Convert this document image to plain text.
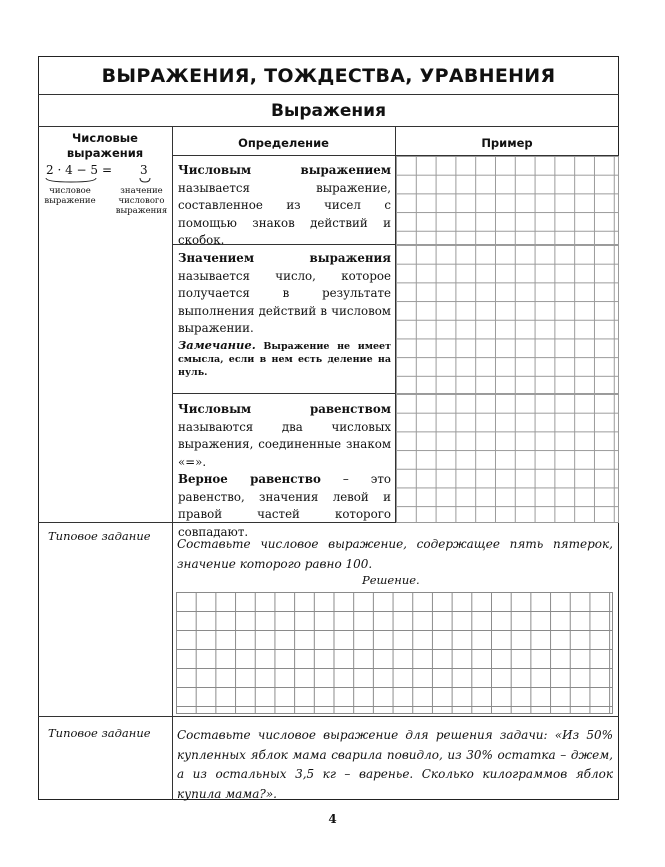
ВЫРАЖЕНИЯ, ТОЖДЕСТВА, УРАВНЕНИЯ
Выражения
Числовые выражения
2 · 4 − 5 = 3
числовое выражение
значение числового выражения
Определение	Пример
Числовым выражением называется выражение, составленное из чисел с помощью знаков действий и скобок.
Значением выражения называется число, которое получается в результате выполнения действий в числовом выражении.
Замечание. Выражение не имеет смысла, если в нем есть деление на нуль.
Числовым равенством называются два числовых выражения, соединенные знаком «=».
Верное равенство – это равенство, значения левой и правой частей которого совпадают.
Типовое задание
Составьте числовое выражение, содержащее пять пятерок, значение которого равно 100.
Решение.
Типовое задание Составьте числовое выражение для решения задачи: «Из 50% купленных яблок мама сварила повидло, из 30% остатка – джем, а из остальных 3,5 кг – варенье. Сколько килограммов яблок купила мама?».
4
